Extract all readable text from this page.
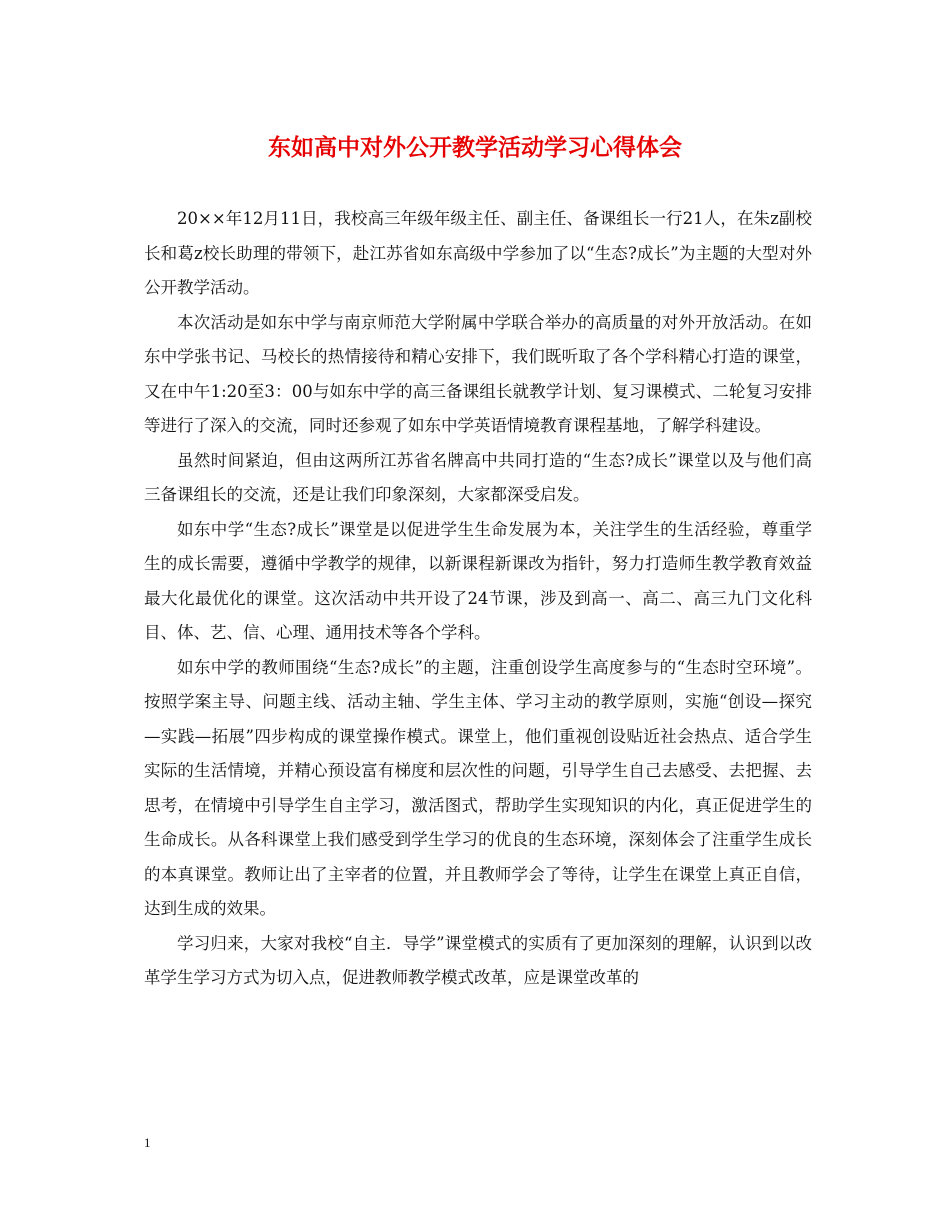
东如高中对外公开教学活动学习心得体会

20××年12月11日，我校高三年级年级主任、副主任、备课组长一行21人，在朱z副校长和葛z校长助理的带领下，赴江苏省如东高级中学参加了以“生态?成长”为主题的大型对外公开教学活动。

本次活动是如东中学与南京师范大学附属中学联合举办的高质量的对外开放活动。在如东中学张书记、马校长的热情接待和精心安排下，我们既听取了各个学科精心打造的课堂，又在中午1:20至3：00与如东中学的高三备课组长就教学计划、复习课模式、二轮复习安排等进行了深入的交流，同时还参观了如东中学英语情境教育课程基地，了解学科建设。

虽然时间紧迫，但由这两所江苏省名牌高中共同打造的“生态?成长”课堂以及与他们高三备课组长的交流，还是让我们印象深刻，大家都深受启发。

如东中学“生态?成长”课堂是以促进学生生命发展为本，关注学生的生活经验，尊重学生的成长需要，遵循中学教学的规律，以新课程新课改为指针，努力打造师生教学教育效益最大化最优化的课堂。这次活动中共开设了24节课，涉及到高一、高二、高三九门文化科目、体、艺、信、心理、通用技术等各个学科。

如东中学的教师围绕“生态?成长”的主题，注重创设学生高度参与的“生态时空环境”。 按照学案主导、问题主线、活动主轴、学生主体、学习主动的教学原则，实施“创设—探究—实践—拓展”四步构成的课堂操作模式。课堂上，他们重视创设贴近社会热点、适合学生实际的生活情境，并精心预设富有梯度和层次性的问题，引导学生自己去感受、去把握、去思考，在情境中引导学生自主学习，激活图式，帮助学生实现知识的内化，真正促进学生的生命成长。从各科课堂上我们感受到学生学习的优良的生态环境，深刻体会了注重学生成长的本真课堂。教师让出了主宰者的位置，并且教师学会了等待，让学生在课堂上真正自信，达到生成的效果。

学习归来，大家对我校“自主．导学”课堂模式的实质有了更加深刻的理解，认识到以改革学生学习方式为切入点，促进教师教学模式改革，应是课堂改革的

1
